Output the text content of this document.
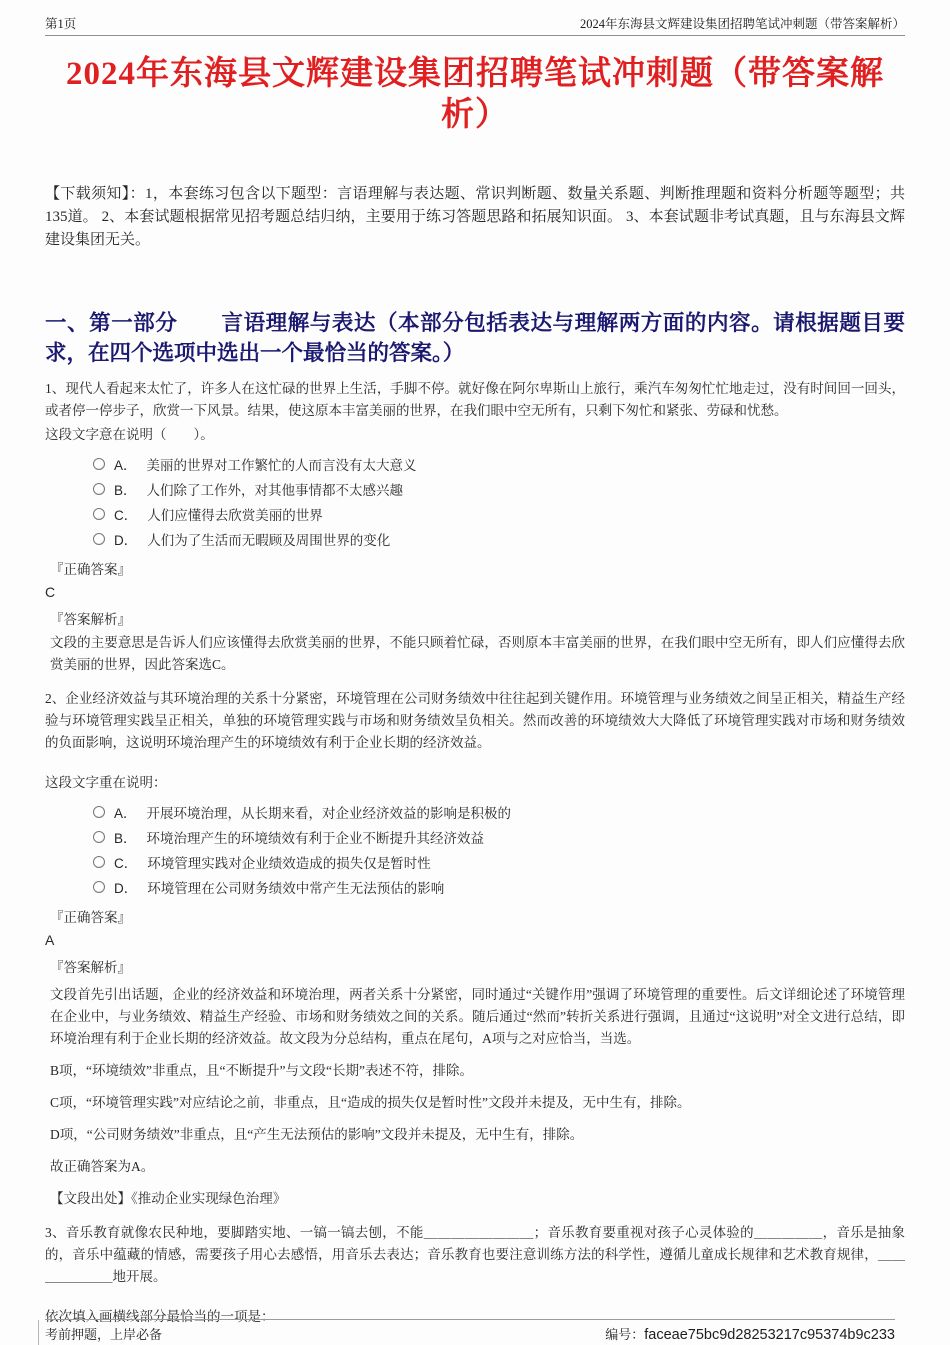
第1页	2024年东海县文辉建设集团招聘笔试冲刺题（带答案解析）
2024年东海县文辉建设集团招聘笔试冲刺题（带答案解析）

【下载须知】：1，本套练习包含以下题型：言语理解与表达题、常识判断题、数量关系题、判断推理题和资料分析题等题型；共135道。 2、本套试题根据常见招考题总结归纳，主要用于练习答题思路和拓展知识面。 3、本套试题非考试真题，且与东海县文辉建设集团无关。

一、第一部分　　言语理解与表达（本部分包括表达与理解两方面的内容。请根据题目要求，在四个选项中选出一个最恰当的答案。）

1、现代人看起来太忙了，许多人在这忙碌的世界上生活，手脚不停。就好像在阿尔卑斯山上旅行，乘汽车匆匆忙忙地走过，没有时间回一回头，或者停一停步子，欣赏一下风景。结果，使这原本丰富美丽的世界，在我们眼中空无所有，只剩下匆忙和紧张、劳碌和忧愁。

这段文字意在说明（　　）。

A． 美丽的世界对工作繁忙的人而言没有太大意义
B． 人们除了工作外，对其他事情都不太感兴趣
C． 人们应懂得去欣赏美丽的世界
D． 人们为了生活而无暇顾及周围世界的变化

『正确答案』

C

『答案解析』

文段的主要意思是告诉人们应该懂得去欣赏美丽的世界，不能只顾着忙碌，否则原本丰富美丽的世界，在我们眼中空无所有，即人们应懂得去欣赏美丽的世界，因此答案选C。

2、企业经济效益与其环境治理的关系十分紧密，环境管理在公司财务绩效中往往起到关键作用。环境管理与业务绩效之间呈正相关，精益生产经验与环境管理实践呈正相关，单独的环境管理实践与市场和财务绩效呈负相关。然而改善的环境绩效大大降低了环境管理实践对市场和财务绩效的负面影响，这说明环境治理产生的环境绩效有利于企业长期的经济效益。

这段文字重在说明：

A． 开展环境治理，从长期来看，对企业经济效益的影响是积极的
B． 环境治理产生的环境绩效有利于企业不断提升其经济效益
C． 环境管理实践对企业绩效造成的损失仅是暂时性
D． 环境管理在公司财务绩效中常产生无法预估的影响

『正确答案』

A

『答案解析』

文段首先引出话题，企业的经济效益和环境治理，两者关系十分紧密，同时通过“关键作用”强调了环境管理的重要性。后文详细论述了环境管理在企业中，与业务绩效、精益生产经验、市场和财务绩效之间的关系。随后通过“然而”转折关系进行强调，且通过“这说明”对全文进行总结，即环境治理有利于企业长期的经济效益。故文段为分总结构，重点在尾句，A项与之对应恰当，当选。

B项，“环境绩效”非重点，且“不断提升”与文段“长期”表述不符，排除。

C项，“环境管理实践”对应结论之前，非重点，且“造成的损失仅是暂时性”文段并未提及，无中生有，排除。

D项，“公司财务绩效”非重点，且“产生无法预估的影响”文段并未提及，无中生有，排除。

故正确答案为A。

【文段出处】《推动企业实现绿色治理》

3、音乐教育就像农民种地，要脚踏实地、一镐一镐去刨，不能＿＿＿＿＿＿＿＿；音乐教育要重视对孩子心灵体验的＿＿＿＿＿，音乐是抽象的，音乐中蕴藏的情感，需要孩子用心去感悟，用音乐去表达；音乐教育也要注意训练方法的科学性，遵循儿童成长规律和艺术教育规律，＿＿＿＿＿＿＿地开展。

依次填入画横线部分最恰当的一项是：

考前押题，上岸必备	编号：faceae75bc9d28253217c95374b9c233
